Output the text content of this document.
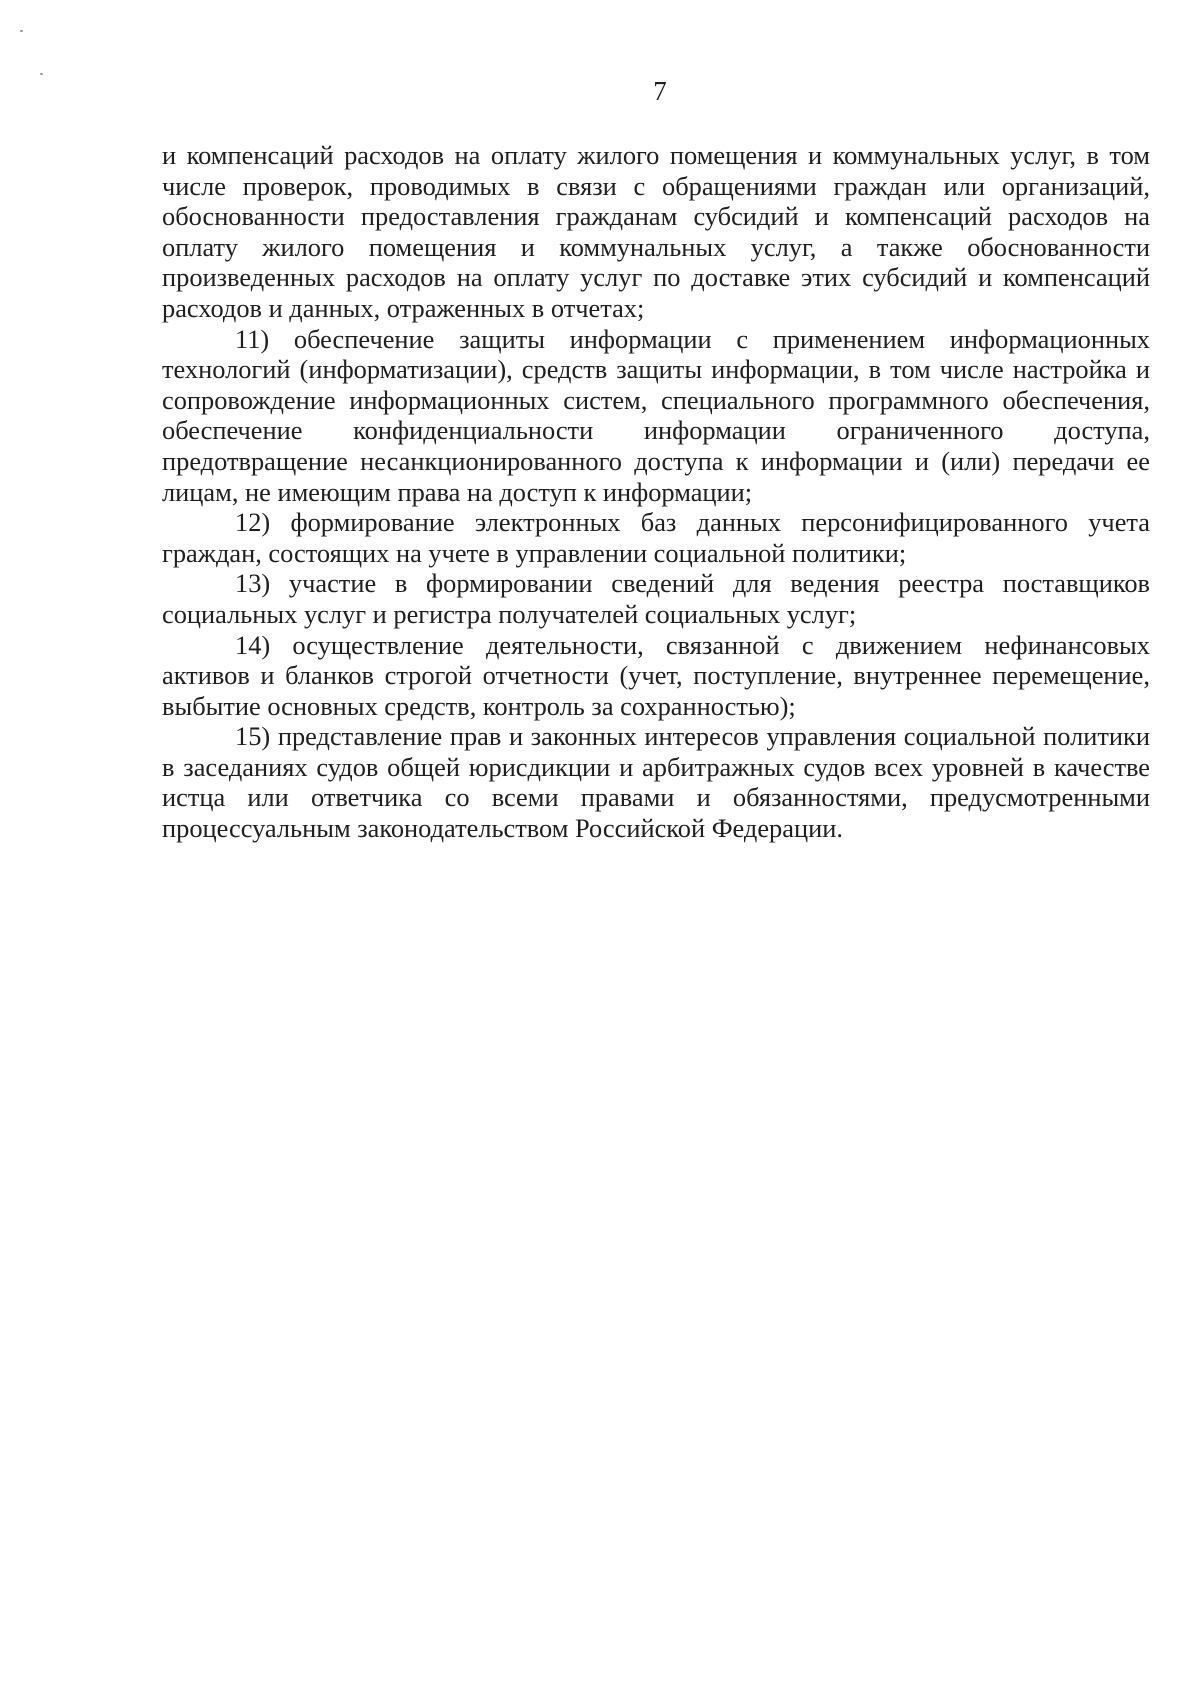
7

и компенсаций расходов на оплату жилого помещения и коммунальных услуг, в том числе проверок, проводимых в связи с обращениями граждан или организаций, обоснованности предоставления гражданам субсидий и компенсаций расходов на оплату жилого помещения и коммунальных услуг, а также обоснованности произведенных расходов на оплату услуг по доставке этих субсидий и компенсаций расходов и данных, отраженных в отчетах;

11) обеспечение защиты информации с применением информационных технологий (информатизации), средств защиты информации, в том числе настройка и сопровождение информационных систем, специального программного обеспечения, обеспечение конфиденциальности информации ограниченного доступа, предотвращение несанкционированного доступа к информации и (или) передачи ее лицам, не имеющим права на доступ к информации;

12) формирование электронных баз данных персонифицированного учета граждан, состоящих на учете в управлении социальной политики;

13) участие в формировании сведений для ведения реестра поставщиков социальных услуг и регистра получателей социальных услуг;

14) осуществление деятельности, связанной с движением нефинансовых активов и бланков строгой отчетности (учет, поступление, внутреннее перемещение, выбытие основных средств, контроль за сохранностью);

15) представление прав и законных интересов управления социальной политики в заседаниях судов общей юрисдикции и арбитражных судов всех уровней в качестве истца или ответчика со всеми правами и обязанностями, предусмотренными процессуальным законодательством Российской Федерации.
